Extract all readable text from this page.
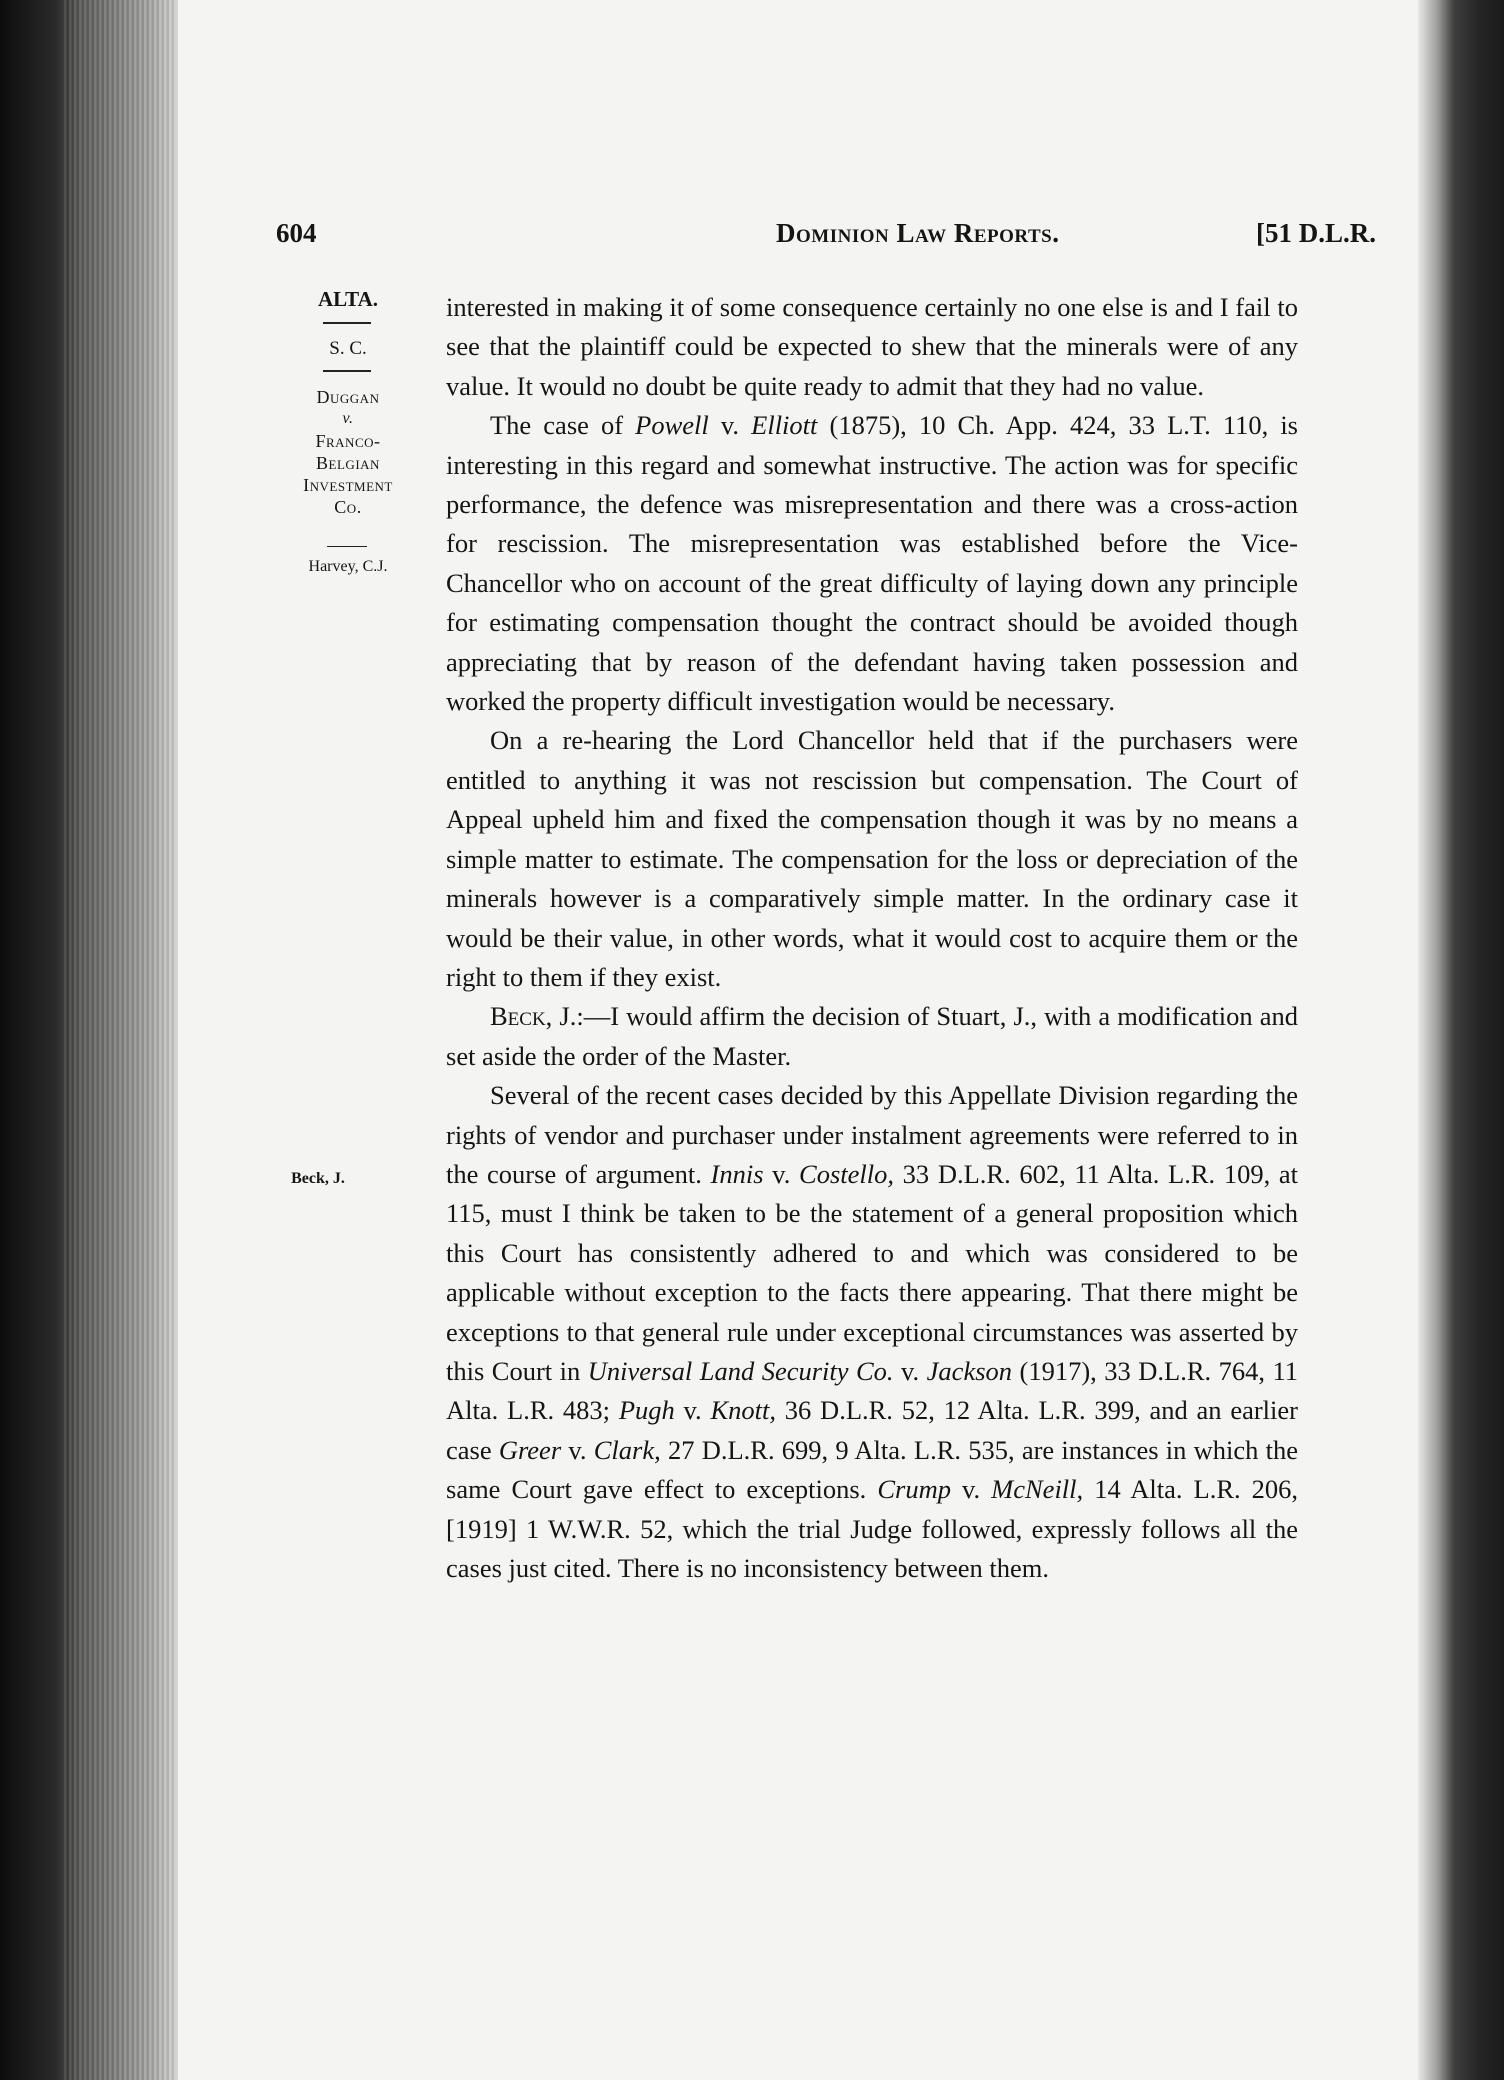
604	Dominion Law Reports.	[51 D.L.R.
ALTA.
S. C.
Duggan
v.
Franco-
Belgian
Investment
Co.
Harvey, C.J.
Beck, J.

interested in making it of some consequence certainly no one else is and I fail to see that the plaintiff could be expected to shew that the minerals were of any value. It would no doubt be quite ready to admit that they had no value.

The case of Powell v. Elliott (1875), 10 Ch. App. 424, 33 L.T. 110, is interesting in this regard and somewhat instructive. The action was for specific performance, the defence was misrepresentation and there was a cross-action for rescission. The misrepresentation was established before the Vice-Chancellor who on account of the great difficulty of laying down any principle for estimating compensation thought the contract should be avoided though appreciating that by reason of the defendant having taken possession and worked the property difficult investigation would be necessary.

On a re-hearing the Lord Chancellor held that if the purchasers were entitled to anything it was not rescission but compensation. The Court of Appeal upheld him and fixed the compensation though it was by no means a simple matter to estimate. The compensation for the loss or depreciation of the minerals however is a comparatively simple matter. In the ordinary case it would be their value, in other words, what it would cost to acquire them or the right to them if they exist.

Beck, J.:—I would affirm the decision of Stuart, J., with a modification and set aside the order of the Master.

Several of the recent cases decided by this Appellate Division regarding the rights of vendor and purchaser under instalment agreements were referred to in the course of argument. Innis v. Costello, 33 D.L.R. 602, 11 Alta. L.R. 109, at 115, must I think be taken to be the statement of a general proposition which this Court has consistently adhered to and which was considered to be applicable without exception to the facts there appearing. That there might be exceptions to that general rule under exceptional circumstances was asserted by this Court in Universal Land Security Co. v. Jackson (1917), 33 D.L.R. 764, 11 Alta. L.R. 483; Pugh v. Knott, 36 D.L.R. 52, 12 Alta. L.R. 399, and an earlier case Greer v. Clark, 27 D.L.R. 699, 9 Alta. L.R. 535, are instances in which the same Court gave effect to exceptions. Crump v. McNeill, 14 Alta. L.R. 206, [1919] 1 W.W.R. 52, which the trial Judge followed, expressly follows all the cases just cited. There is no inconsistency between them.
